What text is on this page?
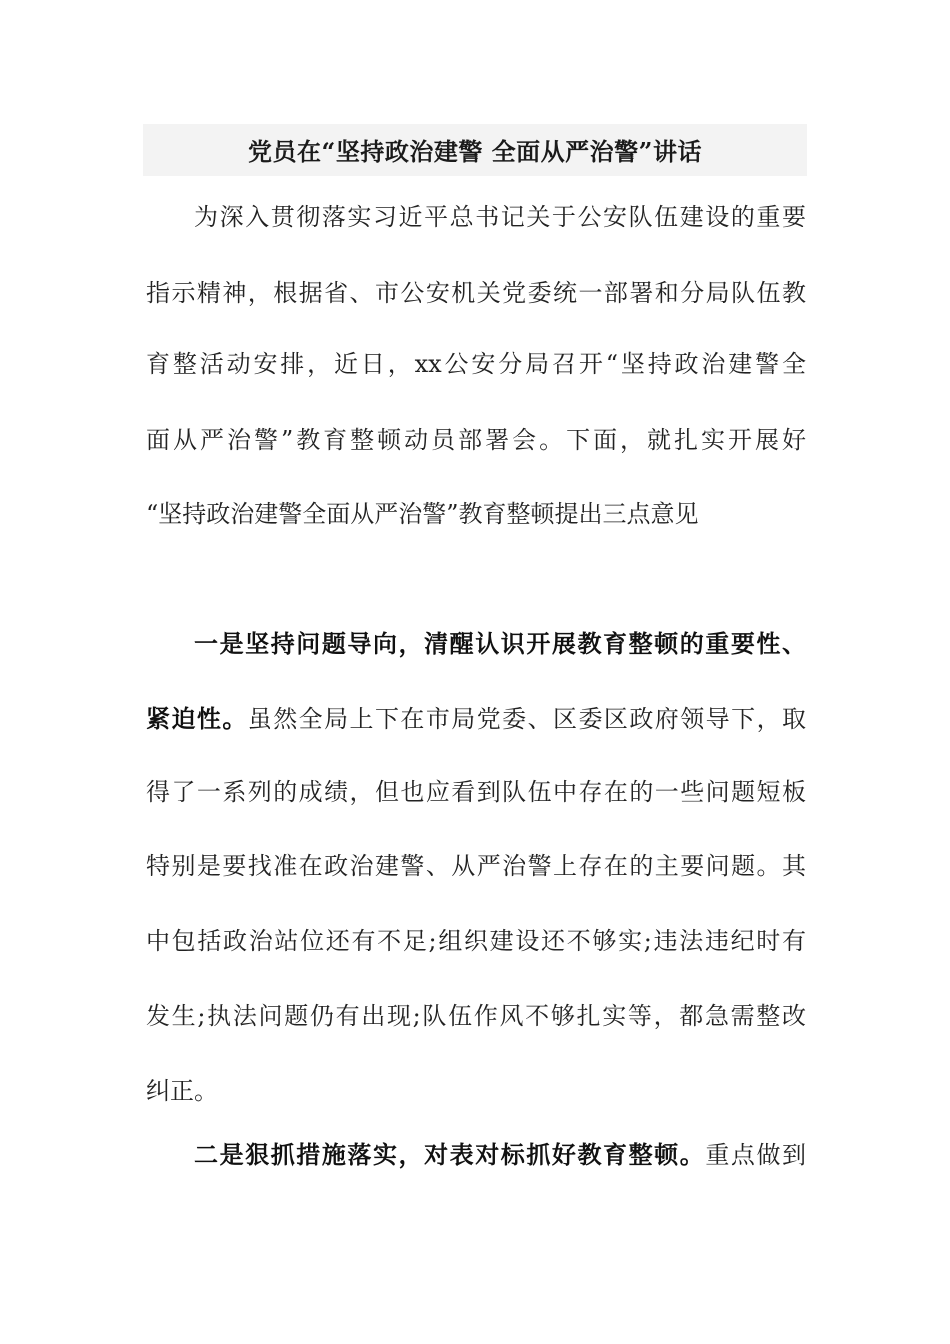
党员在“坚持政治建警 全面从严治警”讲话
为深入贯彻落实习近平总书记关于公安队伍建设的重要
指示精神，根据省、市公安机关党委统一部署和分局队伍教
育整活动安排，近日，xx公安分局召开“坚持政治建警全
面从严治警”教育整顿动员部署会。下面，就扎实开展好
“坚持政治建警全面从严治警”教育整顿提出三点意见
一是坚持问题导向，清醒认识开展教育整顿的重要性、
紧迫性。虽然全局上下在市局党委、区委区政府领导下，取
得了一系列的成绩，但也应看到队伍中存在的一些问题短板
特别是要找准在政治建警、从严治警上存在的主要问题。其
中包括政治站位还有不足;组织建设还不够实;违法违纪时有
发生;执法问题仍有出现;队伍作风不够扎实等，都急需整改
纠正。
二是狠抓措施落实，对表对标抓好教育整顿。重点做到
